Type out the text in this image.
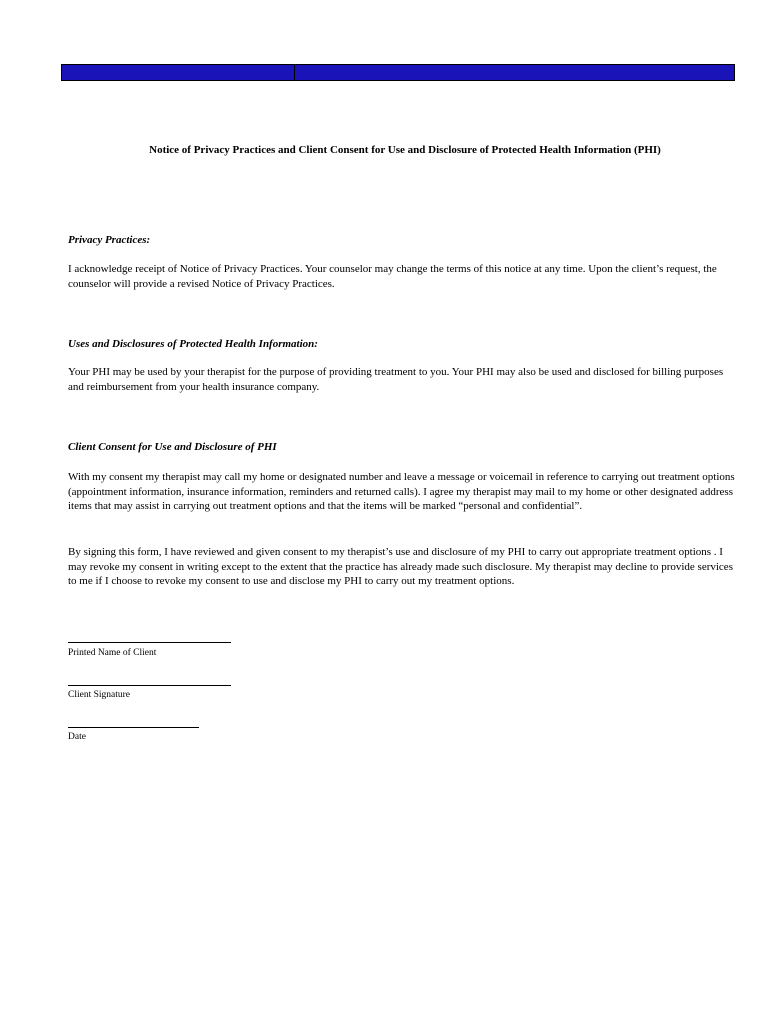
Notice of Privacy Practices and Client Consent for Use and Disclosure of Protected Health Information (PHI)
Privacy Practices:
I acknowledge receipt of Notice of Privacy Practices. Your counselor may change the terms of this notice at any time. Upon the client’s request, the counselor will provide a revised Notice of Privacy Practices.
Uses and Disclosures of Protected Health Information:
Your PHI may be used by your therapist for the purpose of providing treatment to you. Your PHI may also be used and disclosed for billing purposes and reimbursement from your health insurance company.
Client Consent for Use and Disclosure of PHI
With my consent my therapist may call my home or designated number and leave a message or voicemail in reference to carrying out treatment options (appointment information, insurance information, reminders and returned calls). I agree my therapist may mail to my home or other designated address items that may assist in carrying out treatment options and that the items will be marked “personal and confidential”.
By signing this form, I have reviewed and given consent to my therapist’s use and disclosure of my PHI to carry out appropriate treatment options . I may revoke my consent in writing except to the extent that the practice has already made such disclosure. My therapist may decline to provide services to me if I choose to revoke my consent to use and disclose my PHI to carry out my treatment options.
Printed Name of Client
Client Signature
Date
